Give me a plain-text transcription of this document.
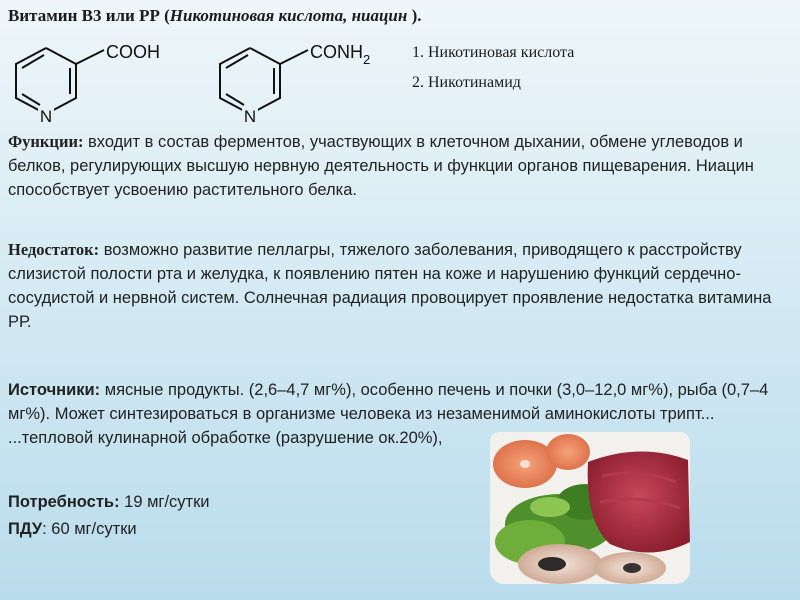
Витамин В3 или РР (Никотиновая кислота, ниацин ).
N
COOH
N
$CONH_2$	1. Никотиновая кислота
2. Никотинамид
Функции: входит в состав ферментов, участвующих в клеточном дыхании, обмене углеводов и белков, регулирующих высшую нервную деятельность и функции органов пищеварения. Ниацин способствует усвоению растительного белка.
Недостаток: возможно развитие пеллагры, тяжелого заболевания, приводящего к расстройству слизистой полости рта и желудка, к появлению пятен на коже и нарушению функций сердечно-сосудистой и нервной систем. Солнечная радиация провоцирует проявление недостатка витамина РР.
Источники: мясные продукты. (2,6–4,7 мг%), особенно печень и почки (3,0–12,0 мг%), рыба (0,7–4 мг%). Может синтезироваться в организме человека из незаменимой аминокислоты трипт... ...тепловой кулинарной обработке (разрушение ок.20%),
Потребность: 19 мг/сутки
ПДУ: 60 мг/сутки
